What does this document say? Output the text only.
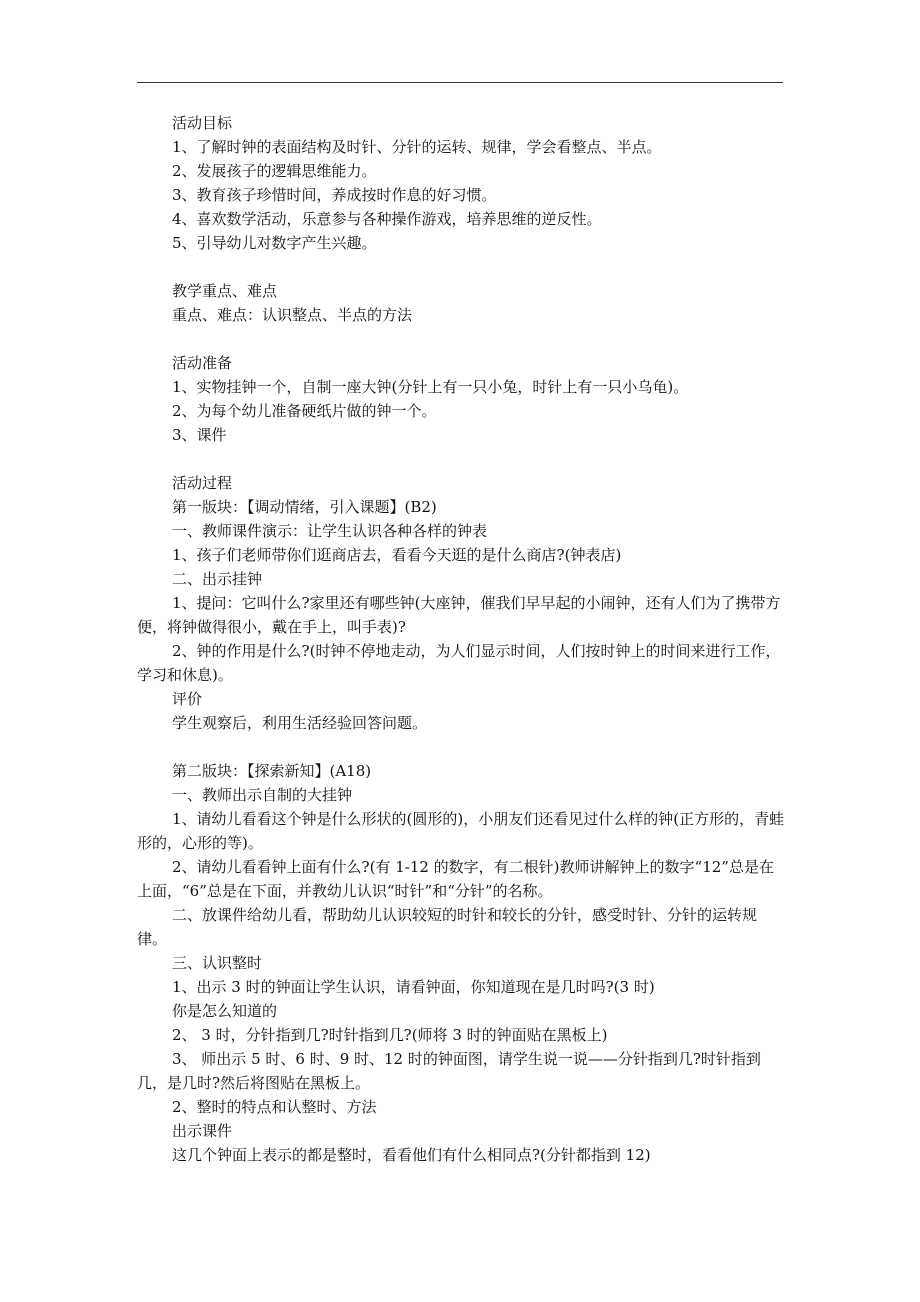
活动目标

1、了解时钟的表面结构及时针、分针的运转、规律，学会看整点、半点。

2、发展孩子的逻辑思维能力。

3、教育孩子珍惜时间，养成按时作息的好习惯。

4、喜欢数学活动，乐意参与各种操作游戏，培养思维的逆反性。

5、引导幼儿对数字产生兴趣。

教学重点、难点

重点、难点：认识整点、半点的方法

活动准备

1、实物挂钟一个，自制一座大钟(分针上有一只小兔，时针上有一只小乌龟)。

2、为每个幼儿准备硬纸片做的钟一个。

3、课件

活动过程

第一版块：【调动情绪，引入课题】(B2)

一、教师课件演示：让学生认识各种各样的钟表

1、孩子们老师带你们逛商店去，看看今天逛的是什么商店?(钟表店)

二、出示挂钟

1、提问：它叫什么?家里还有哪些钟(大座钟，催我们早早起的小闹钟，还有人们为了携带方便，将钟做得很小，戴在手上，叫手表)?

2、钟的作用是什么?(时钟不停地走动，为人们显示时间，人们按时钟上的时间来进行工作，学习和休息)。

评价

学生观察后，利用生活经验回答问题。

第二版块：【探索新知】(A18)

一、教师出示自制的大挂钟

1、请幼儿看看这个钟是什么形状的(圆形的)，小朋友们还看见过什么样的钟(正方形的，青蛙形的，心形的等)。

2、请幼儿看看钟上面有什么?(有 1-12 的数字，有二根针)教师讲解钟上的数字“12”总是在上面，“6”总是在下面，并教幼儿认识“时针”和“分针”的名称。

二、放课件给幼儿看，帮助幼儿认识较短的时针和较长的分针，感受时针、分针的运转规律。

三、认识整时

1、出示 3 时的钟面让学生认识，请看钟面，你知道现在是几时吗?(3 时)

你是怎么知道的

2、 3 时，分针指到几?时针指到几?(师将 3 时的钟面贴在黑板上)

3、 师出示 5 时、6 时、9 时、12 时的钟面图，请学生说一说——分针指到几?时针指到几，是几时?然后将图贴在黑板上。

2、整时的特点和认整时、方法

出示课件

这几个钟面上表示的都是整时，看看他们有什么相同点?(分针都指到 12)
